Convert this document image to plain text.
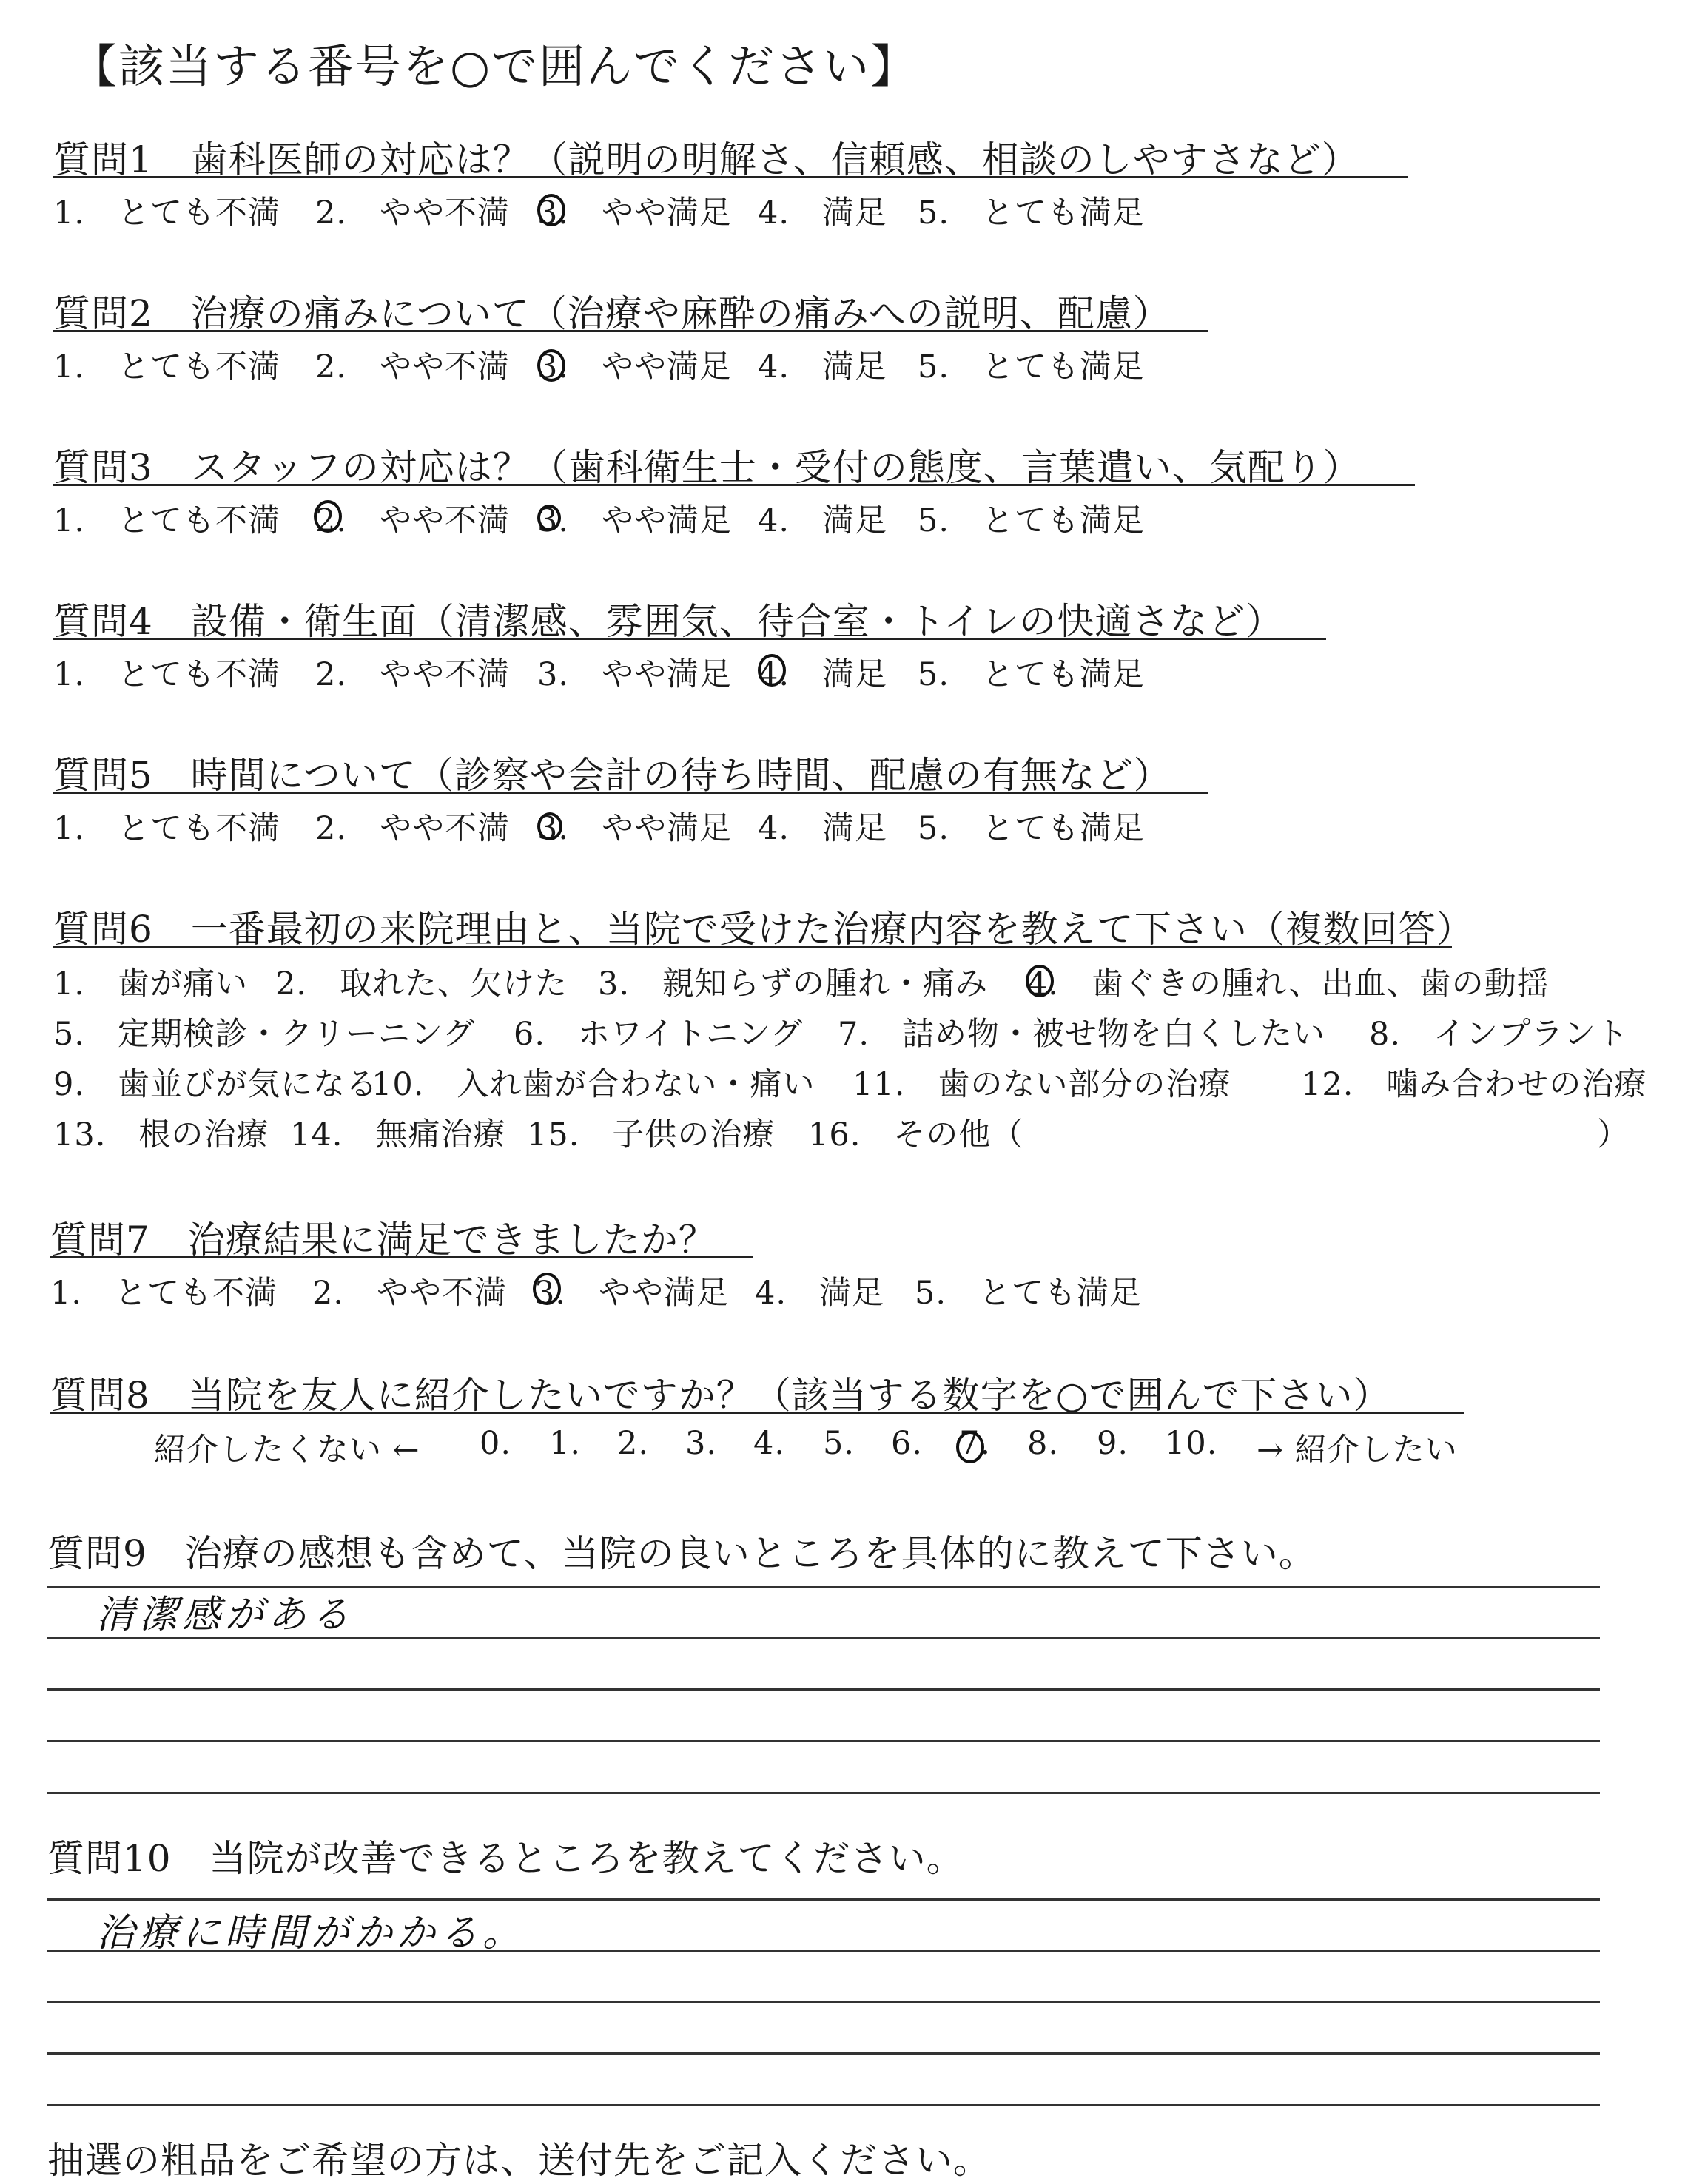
【該当する番号を○で囲んでください】
質問1　歯科医師の対応は？（説明の明解さ、信頼感、相談のしやすさなど）
1.　とても不満 2.　やや不満 3.　やや満足 4.　満足 5.　とても満足
質問2　治療の痛みについて（治療や麻酔の痛みへの説明、配慮）
1.　とても不満 2.　やや不満 3.　やや満足 4.　満足 5.　とても満足
質問3　スタッフの対応は？（歯科衛生士・受付の態度、言葉遣い、気配り）
1.　とても不満 2.　やや不満 3.　やや満足 4.　満足 5.　とても満足
質問4　設備・衛生面（清潔感、雰囲気、待合室・トイレの快適さなど）
1.　とても不満 2.　やや不満 3.　やや満足 4.　満足 5.　とても満足
質問5　時間について（診察や会計の待ち時間、配慮の有無など）
1.　とても不満 2.　やや不満 3.　やや満足 4.　満足 5.　とても満足
質問6　一番最初の来院理由と、当院で受けた治療内容を教えて下さい（複数回答）
1.　歯が痛い 2.　取れた、欠けた 3.　親知らずの腫れ・痛み 4.　歯ぐきの腫れ、出血、歯の動揺
5.　定期検診・クリーニング 6.　ホワイトニング 7.　詰め物・被せ物を白くしたい 8.　インプラント
9.　歯並びが気になる
10.　入れ歯が合わない・痛い 11.　歯のない部分の治療 12.　噛み合わせの治療
13.　根の治療 14.　無痛治療 15.　子供の治療 16.　その他（	）
質問7　治療結果に満足できましたか？
1.　とても不満 2.　やや不満 3.　やや満足 4.　満足 5.　とても満足
質問8　当院を友人に紹介したいですか？（該当する数字を○で囲んで下さい）
紹介したくない ← 0. 1. 2. 3. 4. 5. 6. 7. 8. 9. 10. → 紹介したい
質問9　治療の感想も含めて、当院の良いところを具体的に教えて下さい。
清潔感がある
質問10　当院が改善できるところを教えてください。
治療に時間がかかる。
抽選の粗品をご希望の方は、送付先をご記入ください。
